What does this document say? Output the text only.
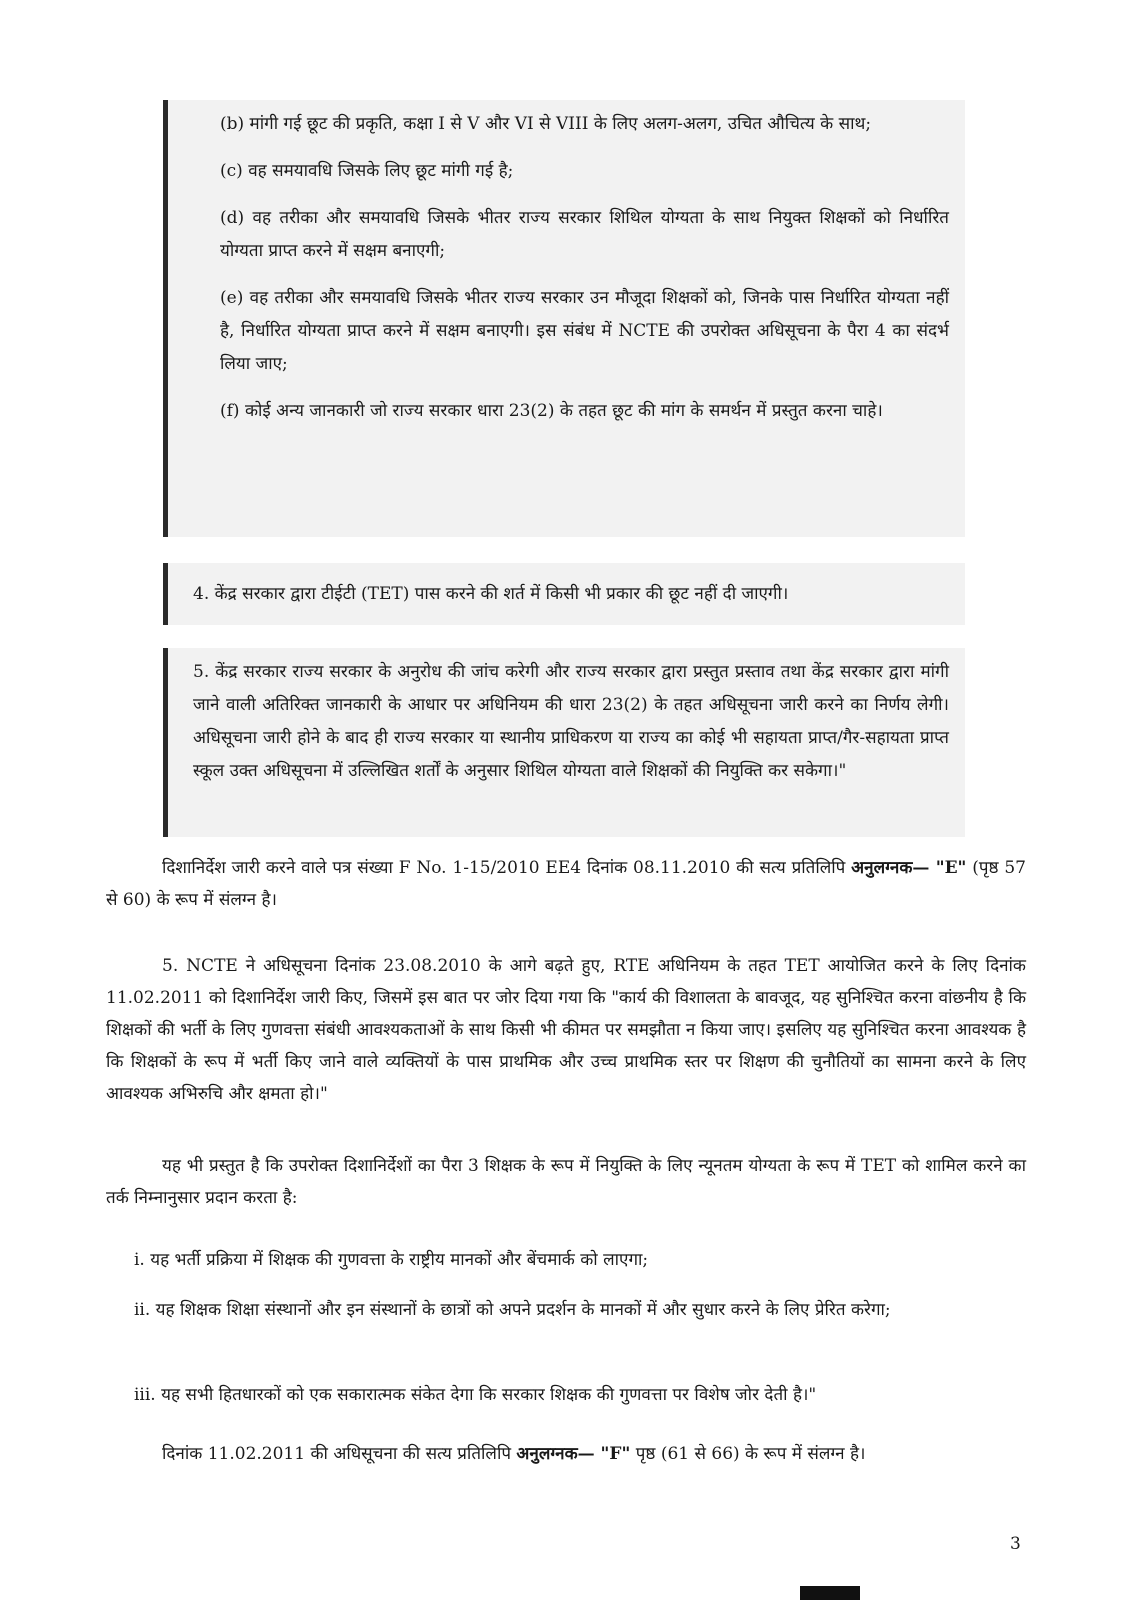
(b) मांगी गई छूट की प्रकृति, कक्षा I से V और VI से VIII के लिए अलग-अलग, उचित औचित्य के साथ;

(c) वह समयावधि जिसके लिए छूट मांगी गई है;

(d) वह तरीका और समयावधि जिसके भीतर राज्य सरकार शिथिल योग्यता के साथ नियुक्त शिक्षकों को निर्धारित योग्यता प्राप्त करने में सक्षम बनाएगी;

(e) वह तरीका और समयावधि जिसके भीतर राज्य सरकार उन मौजूदा शिक्षकों को, जिनके पास निर्धारित योग्यता नहीं है, निर्धारित योग्यता प्राप्त करने में सक्षम बनाएगी। इस संबंध में NCTE की उपरोक्त अधिसूचना के पैरा 4 का संदर्भ लिया जाए;

(f) कोई अन्य जानकारी जो राज्य सरकार धारा 23(2) के तहत छूट की मांग के समर्थन में प्रस्तुत करना चाहे।

4. केंद्र सरकार द्वारा टीईटी (TET) पास करने की शर्त में किसी भी प्रकार की छूट नहीं दी जाएगी।

5. केंद्र सरकार राज्य सरकार के अनुरोध की जांच करेगी और राज्य सरकार द्वारा प्रस्तुत प्रस्ताव तथा केंद्र सरकार द्वारा मांगी जाने वाली अतिरिक्त जानकारी के आधार पर अधिनियम की धारा 23(2) के तहत अधिसूचना जारी करने का निर्णय लेगी। अधिसूचना जारी होने के बाद ही राज्य सरकार या स्थानीय प्राधिकरण या राज्य का कोई भी सहायता प्राप्त/गैर-सहायता प्राप्त स्कूल उक्त अधिसूचना में उल्लिखित शर्तों के अनुसार शिथिल योग्यता वाले शिक्षकों की नियुक्ति कर सकेगा।"

दिशानिर्देश जारी करने वाले पत्र संख्या F No. 1-15/2010 EE4 दिनांक 08.11.2010 की सत्य प्रतिलिपि अनुलग्नक— "E" (पृष्ठ 57 से 60) के रूप में संलग्न है।

5. NCTE ने अधिसूचना दिनांक 23.08.2010 के आगे बढ़ते हुए, RTE अधिनियम के तहत TET आयोजित करने के लिए दिनांक 11.02.2011 को दिशानिर्देश जारी किए, जिसमें इस बात पर जोर दिया गया कि "कार्य की विशालता के बावजूद, यह सुनिश्चित करना वांछनीय है कि शिक्षकों की भर्ती के लिए गुणवत्ता संबंधी आवश्यकताओं के साथ किसी भी कीमत पर समझौता न किया जाए। इसलिए यह सुनिश्चित करना आवश्यक है कि शिक्षकों के रूप में भर्ती किए जाने वाले व्यक्तियों के पास प्राथमिक और उच्च प्राथमिक स्तर पर शिक्षण की चुनौतियों का सामना करने के लिए आवश्यक अभिरुचि और क्षमता हो।"

यह भी प्रस्तुत है कि उपरोक्त दिशानिर्देशों का पैरा 3 शिक्षक के रूप में नियुक्ति के लिए न्यूनतम योग्यता के रूप में TET को शामिल करने का तर्क निम्नानुसार प्रदान करता है:

i. यह भर्ती प्रक्रिया में शिक्षक की गुणवत्ता के राष्ट्रीय मानकों और बेंचमार्क को लाएगा;

ii. यह शिक्षक शिक्षा संस्थानों और इन संस्थानों के छात्रों को अपने प्रदर्शन के मानकों में और सुधार करने के लिए प्रेरित करेगा;

iii. यह सभी हितधारकों को एक सकारात्मक संकेत देगा कि सरकार शिक्षक की गुणवत्ता पर विशेष जोर देती है।"

दिनांक 11.02.2011 की अधिसूचना की सत्य प्रतिलिपि अनुलग्नक— "F" पृष्ठ (61 से 66) के रूप में संलग्न है।

3
